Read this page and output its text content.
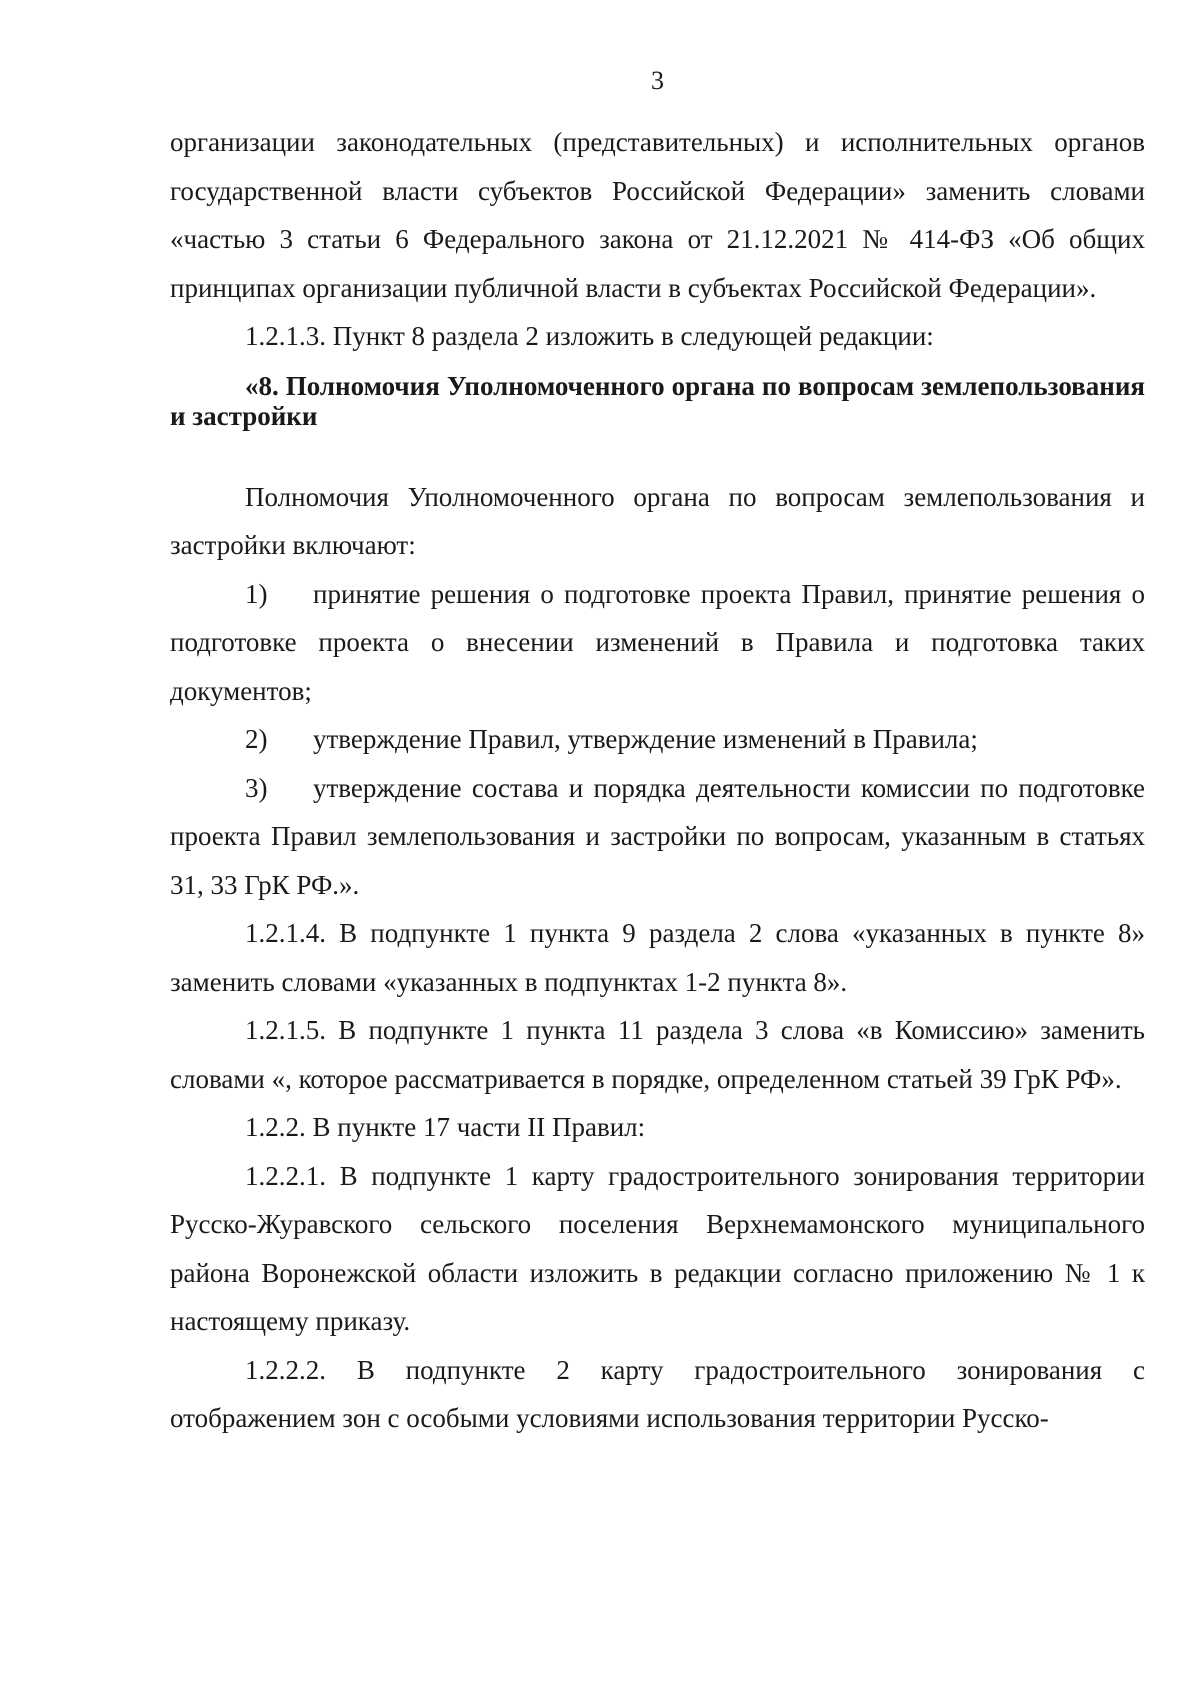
3

организации законодательных (представительных) и исполнительных органов государственной власти субъектов Российской Федерации» заменить словами «частью 3 статьи 6 Федерального закона от 21.12.2021 № 414-ФЗ «Об общих принципах организации публичной власти в субъектах Российской Федерации».

1.2.1.3. Пункт 8 раздела 2 изложить в следующей редакции:

«8. Полномочия Уполномоченного органа по вопросам землепользования и застройки

Полномочия Уполномоченного органа по вопросам землепользования и застройки включают:

1) принятие решения о подготовке проекта Правил, принятие решения о подготовке проекта о внесении изменений в Правила и подготовка таких документов;

2) утверждение Правил, утверждение изменений в Правила;

3) утверждение состава и порядка деятельности комиссии по подготовке проекта Правил землепользования и застройки по вопросам, указанным в статьях 31, 33 ГрК РФ.».

1.2.1.4. В подпункте 1 пункта 9 раздела 2 слова «указанных в пункте 8» заменить словами «указанных в подпунктах 1-2 пункта 8».

1.2.1.5. В подпункте 1 пункта 11 раздела 3 слова «в Комиссию» заменить словами «, которое рассматривается в порядке, определенном статьей 39 ГрК РФ».

1.2.2. В пункте 17 части II Правил:

1.2.2.1. В подпункте 1 карту градостроительного зонирования территории Русско-Журавского сельского поселения Верхнемамонского муниципального района Воронежской области изложить в редакции согласно приложению № 1 к настоящему приказу.

1.2.2.2. В подпункте 2 карту градостроительного зонирования с отображением зон с особыми условиями использования территории Русско-
